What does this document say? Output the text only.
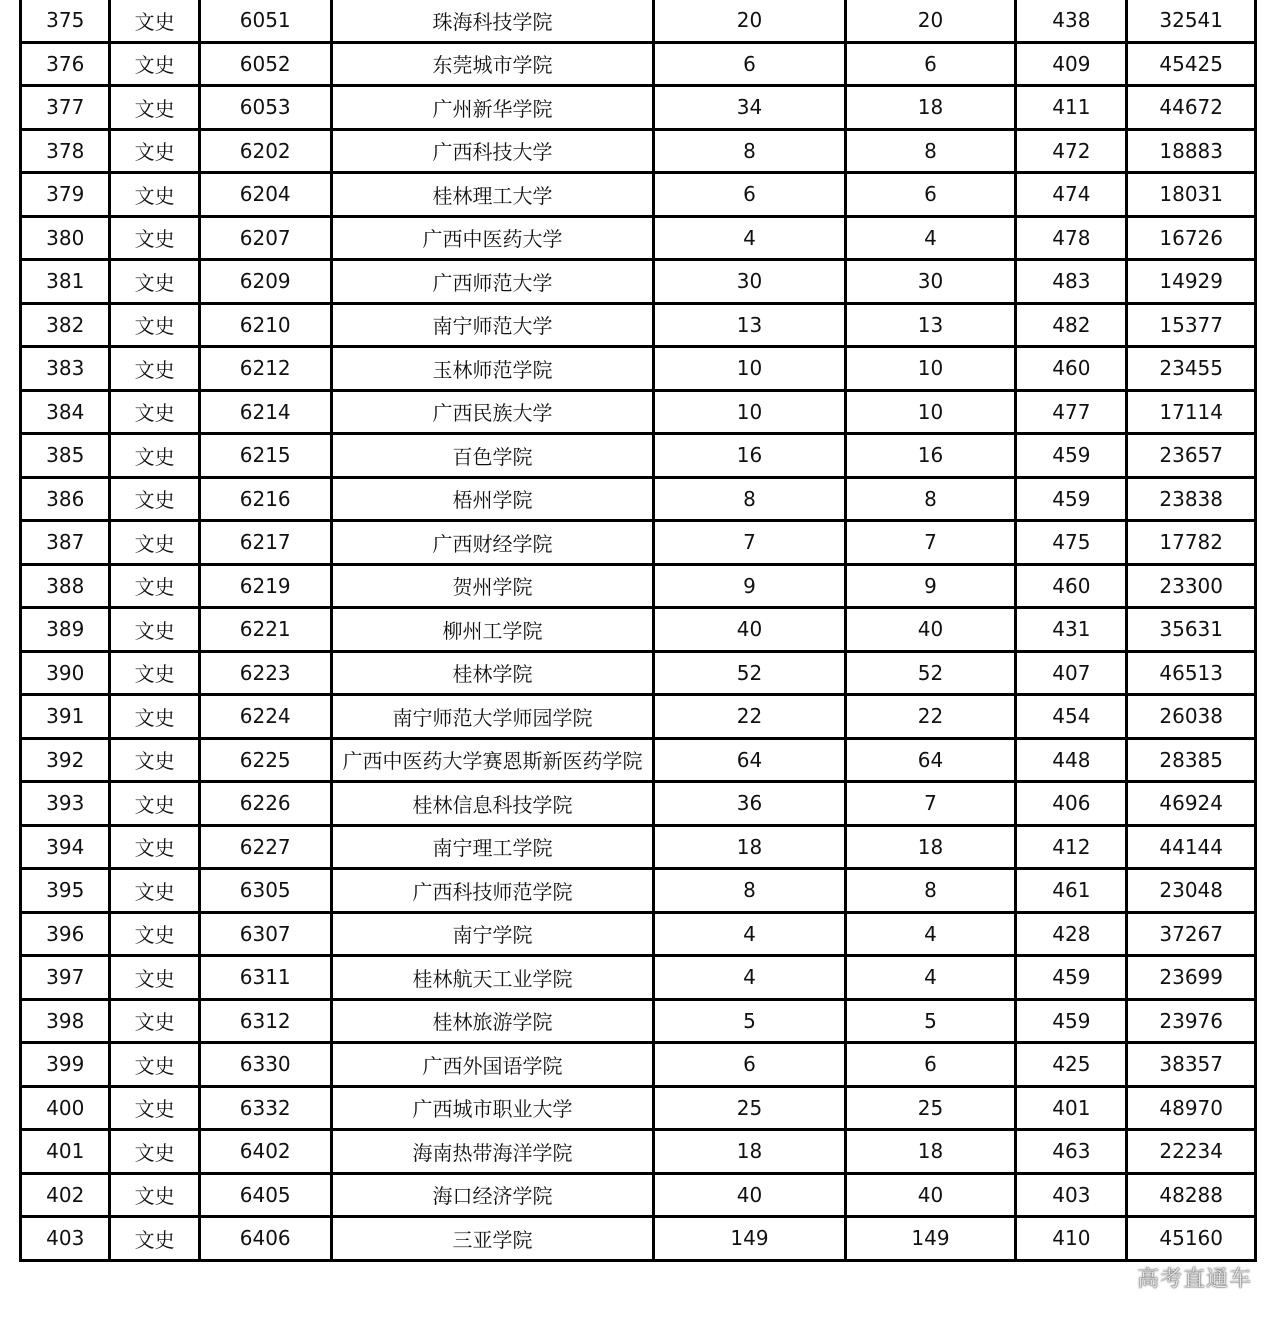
375	文史	6051	珠海科技学院	20	20	438	32541
376	文史	6052	东莞城市学院	6	6	409	45425
377	文史	6053	广州新华学院	34	18	411	44672
378	文史	6202	广西科技大学	8	8	472	18883
379	文史	6204	桂林理工大学	6	6	474	18031
380	文史	6207	广西中医药大学	4	4	478	16726
381	文史	6209	广西师范大学	30	30	483	14929
382	文史	6210	南宁师范大学	13	13	482	15377
383	文史	6212	玉林师范学院	10	10	460	23455
384	文史	6214	广西民族大学	10	10	477	17114
385	文史	6215	百色学院	16	16	459	23657
386	文史	6216	梧州学院	8	8	459	23838
387	文史	6217	广西财经学院	7	7	475	17782
388	文史	6219	贺州学院	9	9	460	23300
389	文史	6221	柳州工学院	40	40	431	35631
390	文史	6223	桂林学院	52	52	407	46513
391	文史	6224	南宁师范大学师园学院	22	22	454	26038
392	文史	6225	广西中医药大学赛恩斯新医药学院	64	64	448	28385
393	文史	6226	桂林信息科技学院	36	7	406	46924
394	文史	6227	南宁理工学院	18	18	412	44144
395	文史	6305	广西科技师范学院	8	8	461	23048
396	文史	6307	南宁学院	4	4	428	37267
397	文史	6311	桂林航天工业学院	4	4	459	23699
398	文史	6312	桂林旅游学院	5	5	459	23976
399	文史	6330	广西外国语学院	6	6	425	38357
400	文史	6332	广西城市职业大学	25	25	401	48970
401	文史	6402	海南热带海洋学院	18	18	463	22234
402	文史	6405	海口经济学院	40	40	403	48288
403	文史	6406	三亚学院	149	149	410	45160
高考直通车
